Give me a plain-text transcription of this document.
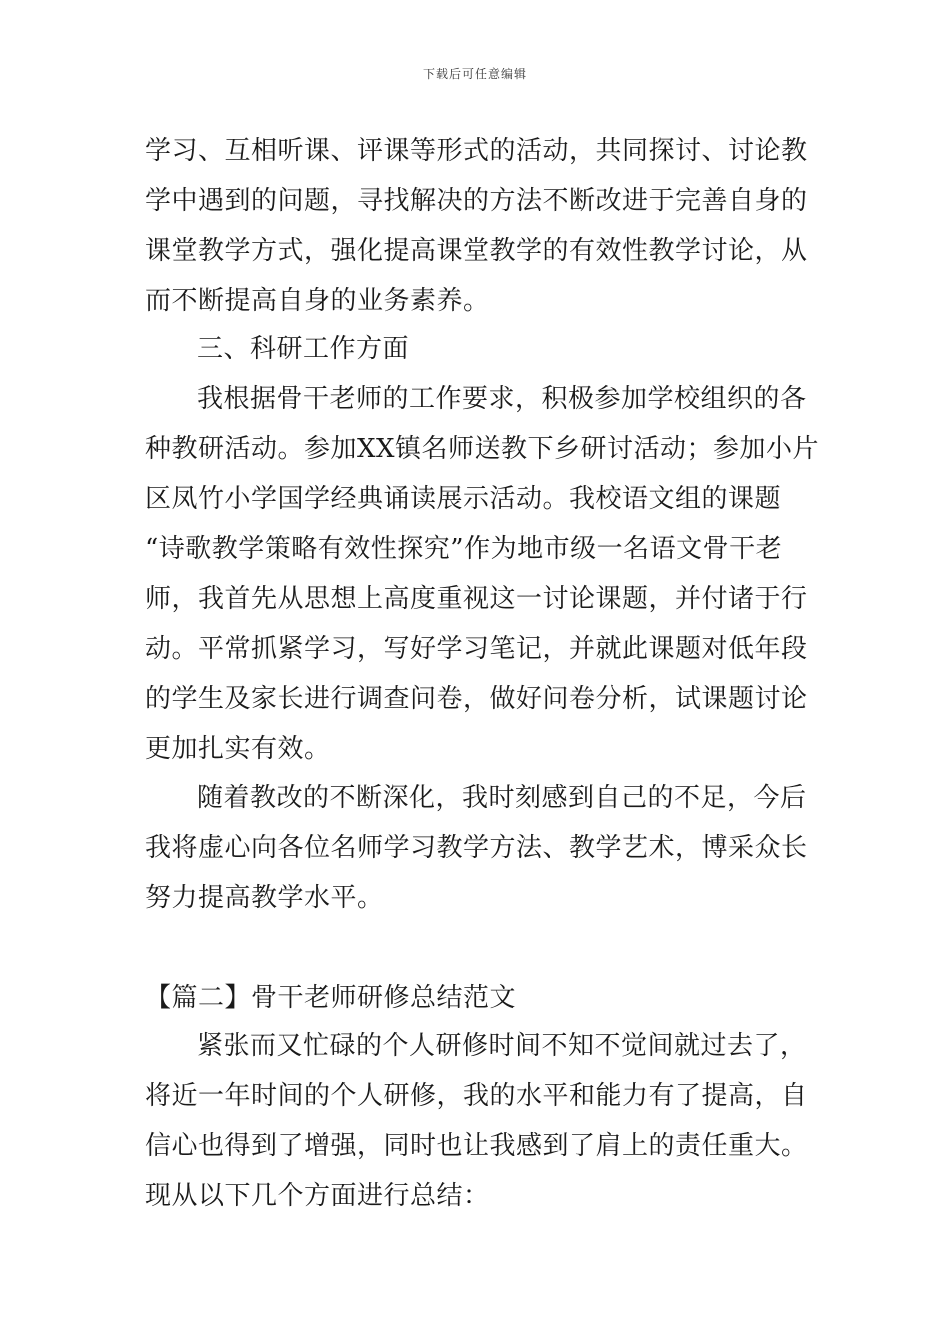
下载后可任意编辑
学习、互相听课、评课等形式的活动，共同探讨、讨论教
学中遇到的问题，寻找解决的方法不断改进于完善自身的
课堂教学方式，强化提高课堂教学的有效性教学讨论，从
而不断提高自身的业务素养。
三、科研工作方面
我根据骨干老师的工作要求，积极参加学校组织的各
种教研活动。参加XX镇名师送教下乡研讨活动；参加小片
区凤竹小学国学经典诵读展示活动。我校语文组的课题
“诗歌教学策略有效性探究”作为地市级一名语文骨干老
师，我首先从思想上高度重视这一讨论课题，并付诸于行
动。平常抓紧学习，写好学习笔记，并就此课题对低年段
的学生及家长进行调查问卷，做好问卷分析，试课题讨论
更加扎实有效。
随着教改的不断深化，我时刻感到自己的不足，今后
我将虚心向各位名师学习教学方法、教学艺术，博采众长
努力提高教学水平。
【篇二】骨干老师研修总结范文
紧张而又忙碌的个人研修时间不知不觉间就过去了，
将近一年时间的个人研修，我的水平和能力有了提高，自
信心也得到了增强，同时也让我感到了肩上的责任重大。
现从以下几个方面进行总结：
